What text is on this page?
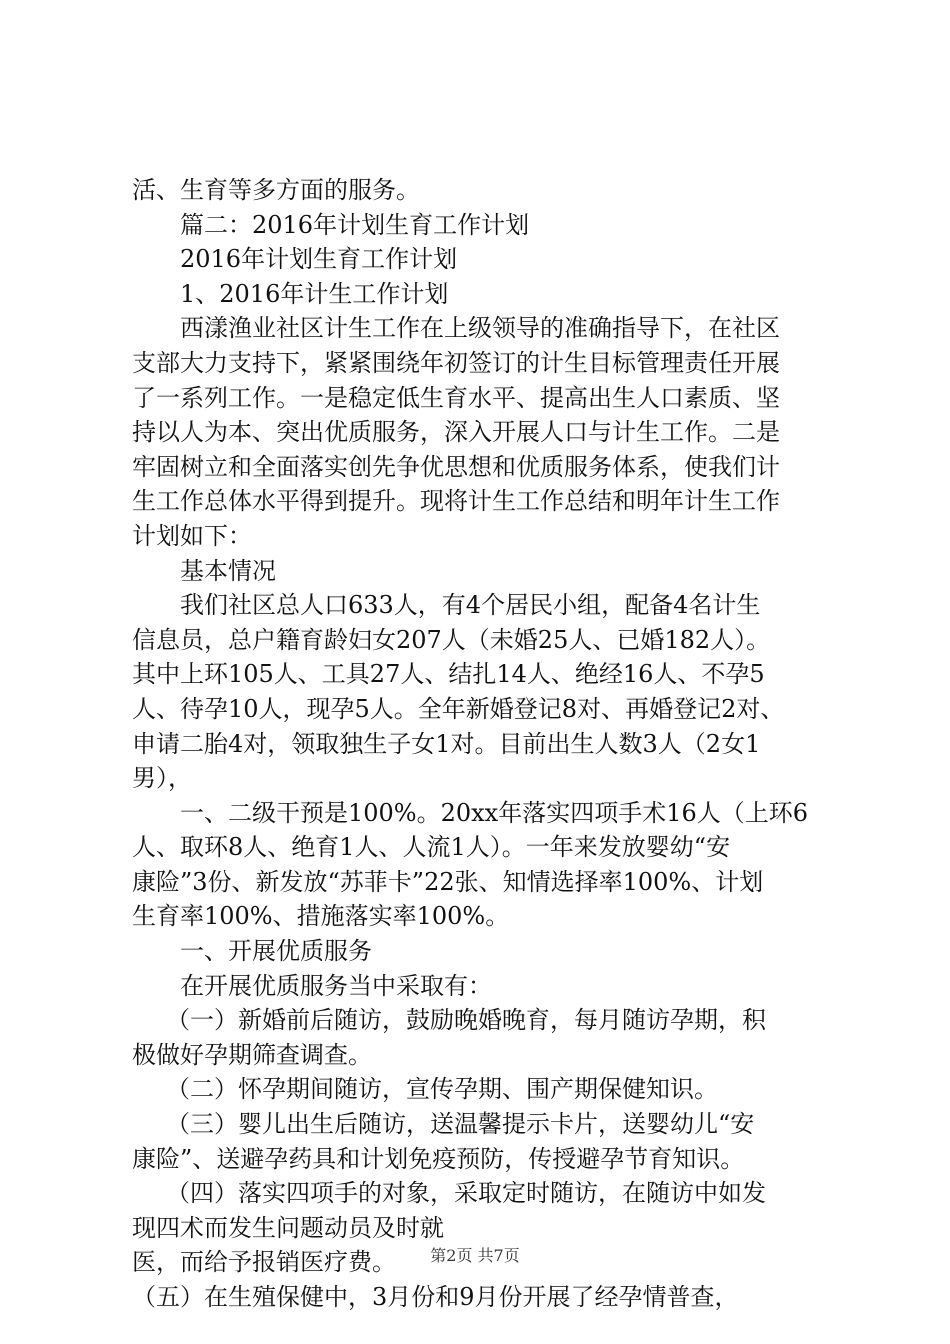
活、生育等多方面的服务。
篇二：2016年计划生育工作计划
2016年计划生育工作计划
1、2016年计生工作计划
西漾渔业社区计生工作在上级领导的准确指导下，在社区
支部大力支持下，紧紧围绕年初签订的计生目标管理责任开展
了一系列工作。一是稳定低生育水平、提高出生人口素质、坚
持以人为本、突出优质服务，深入开展人口与计生工作。二是
牢固树立和全面落实创先争优思想和优质服务体系，使我们计
生工作总体水平得到提升。现将计生工作总结和明年计生工作
计划如下：
基本情况
我们社区总人口633人，有4个居民小组，配备4名计生
信息员，总户籍育龄妇女207人（未婚25人、已婚182人）。
其中上环105人、工具27人、结扎14人、绝经16人、不孕5
人、待孕10人，现孕5人。全年新婚登记8对、再婚登记2对、
申请二胎4对，领取独生子女1对。目前出生人数3人（2女1
男），
一、二级干预是100%。20xx年落实四项手术16人（上环6
人、取环8人、绝育1人、人流1人）。一年来发放婴幼“安
康险”3份、新发放“苏菲卡”22张、知情选择率100%、计划
生育率100%、措施落实率100%。
一、开展优质服务
在开展优质服务当中采取有：
（一）新婚前后随访，鼓励晚婚晚育，每月随访孕期，积
极做好孕期筛查调查。
（二）怀孕期间随访，宣传孕期、围产期保健知识。
（三）婴儿出生后随访，送温馨提示卡片，送婴幼儿“安
康险”、送避孕药具和计划免疫预防，传授避孕节育知识。
（四）落实四项手的对象，采取定时随访，在随访中如发
现四术而发生问题动员及时就
医，而给予报销医疗费。
（五）在生殖保健中，3月份和9月份开展了经孕情普查，
第2页 共7页
